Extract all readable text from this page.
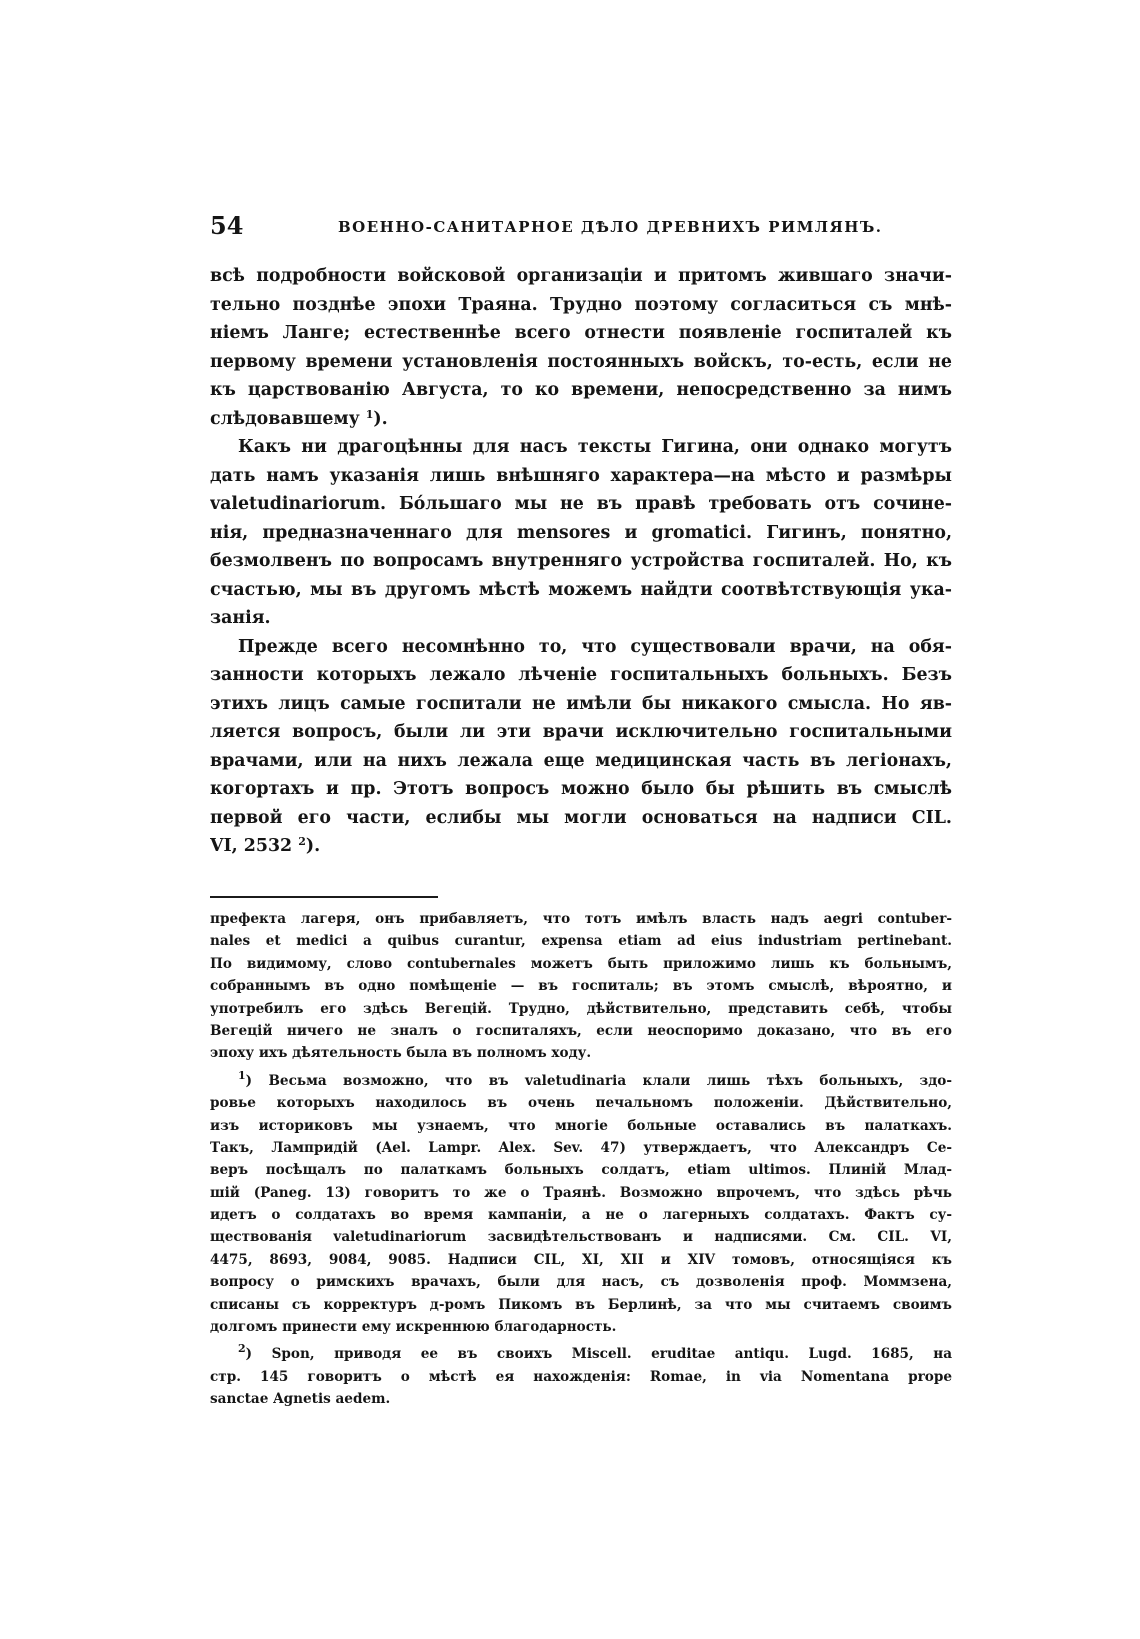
54	ВОЕННО-САНИТАРНОЕ ДѢЛО ДРЕВНИХЪ РИМЛЯНЪ.
всѣ подробности войсковой организаціи и притомъ жившаго значи-
тельно позднѣе эпохи Траяна. Трудно поэтому согласиться съ мнѣ-
ніемъ Ланге; естественнѣе всего отнести появленіе госпиталей къ
первому времени установленія постоянныхъ войскъ, то-есть, если не
къ царствованію Августа, то ко времени, непосредственно за нимъ
слѣдовавшему $^1$).
Какъ ни драгоцѣнны для насъ тексты Гигина, они однако могутъ
дать намъ указанія лишь внѣшняго характера—на мѣсто и размѣры
valetudinariorum. Бóльшаго мы не въ правѣ требовать отъ сочине-
нія, предназначеннаго для mensores и gromatici. Гигинъ, понятно,
безмолвенъ по вопросамъ внутренняго устройства госпиталей. Но, къ
счастью, мы въ другомъ мѣстѣ можемъ найдти соотвѣтствующія ука-
занія.
Прежде всего несомнѣнно то, что существовали врачи, на обя-
занности которыхъ лежало лѣченіе госпитальныхъ больныхъ. Безъ
этихъ лицъ самые госпитали не имѣли бы никакого смысла. Но яв-
ляется вопросъ, были ли эти врачи исключительно госпитальными
врачами, или на нихъ лежала еще медицинская часть въ легіонахъ,
когортахъ и пр. Этотъ вопросъ можно было бы рѣшить въ смыслѣ
первой его части, еслибы мы могли основаться на надписи CIL.
VI, 2532 $^2$).
префекта лагеря, онъ прибавляетъ, что тотъ имѣлъ власть надъ aegri contuber-
nales et medici a quibus curantur, expensa etiam ad eius industriam pertinebant.
По видимому, слово contubernales можетъ быть приложимо лишь къ больнымъ,
собраннымъ въ одно помѣщеніе — въ госпиталь; въ этомъ смыслѣ, вѣроятно, и
употребилъ его здѣсь Вегецій. Трудно, дѣйствительно, представить себѣ, чтобы
Вегецій ничего не зналъ о госпиталяхъ, если неоспоримо доказано, что въ его
эпоху ихъ дѣятельность была въ полномъ ходу.
$^1$) Весьма возможно, что въ valetudinaria клали лишь тѣхъ больныхъ, здо-
ровье которыхъ находилось въ очень печальномъ положеніи. Дѣйствительно,
изъ историковъ мы узнаемъ, что многіе больные оставались въ палаткахъ.
Такъ, Лампридій (Ael. Lampr. Alex. Sev. 47) утверждаетъ, что Александръ Се-
веръ посѣщалъ по палаткамъ больныхъ солдатъ, etiam ultimos. Плиній Млад-
шій (Paneg. 13) говоритъ то же о Траянѣ. Возможно впрочемъ, что здѣсь рѣчь
идетъ о солдатахъ во время кампаніи, а не о лагерныхъ солдатахъ. Фактъ су-
ществованія valetudinariorum засвидѣтельствованъ и надписями. См. CIL. VI,
4475, 8693, 9084, 9085. Надписи CIL, XI, XII и XIV томовъ, относящіяся къ
вопросу о римскихъ врачахъ, были для насъ, съ дозволенія проф. Моммзена,
списаны съ корректуръ д-ромъ Пикомъ въ Берлинѣ, за что мы считаемъ своимъ
долгомъ принести ему искреннюю благодарность.
$^2$) Spon, приводя ее въ своихъ Miscell. eruditae antiqu. Lugd. 1685, на
стр. 145 говоритъ о мѣстѣ ея нахожденія: Romae, in via Nomentana prope
sanctae Agnetis aedem.
